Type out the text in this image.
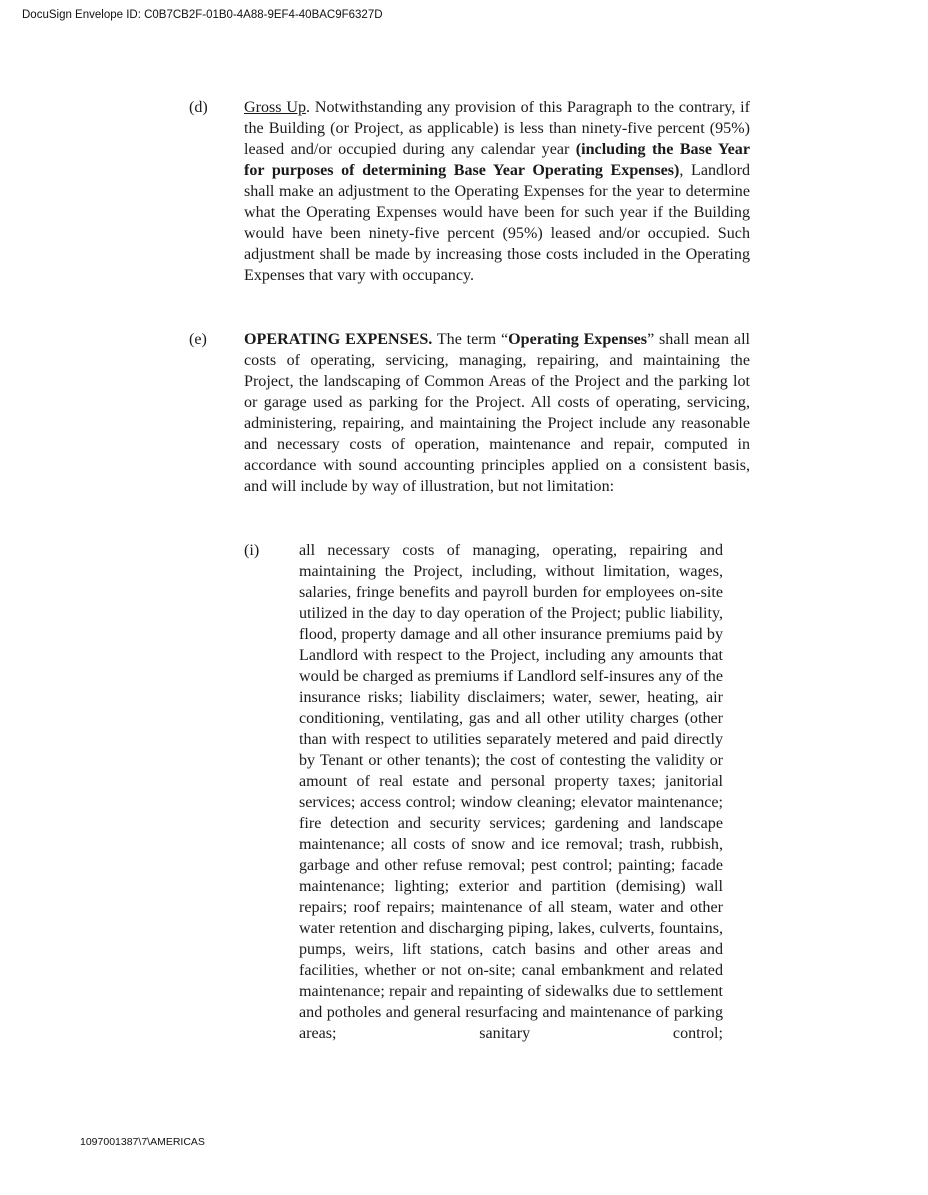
DocuSign Envelope ID: C0B7CB2F-01B0-4A88-9EF4-40BAC9F6327D
(d) Gross Up. Notwithstanding any provision of this Paragraph to the contrary, if the Building (or Project, as applicable) is less than ninety-five percent (95%) leased and/or occupied during any calendar year (including the Base Year for purposes of determining Base Year Operating Expenses), Landlord shall make an adjustment to the Operating Expenses for the year to determine what the Operating Expenses would have been for such year if the Building would have been ninety-five percent (95%) leased and/or occupied. Such adjustment shall be made by increasing those costs included in the Operating Expenses that vary with occupancy.
(e) OPERATING EXPENSES. The term “Operating Expenses” shall mean all costs of operating, servicing, managing, repairing, and maintaining the Project, the landscaping of Common Areas of the Project and the parking lot or garage used as parking for the Project. All costs of operating, servicing, administering, repairing, and maintaining the Project include any reasonable and necessary costs of operation, maintenance and repair, computed in accordance with sound accounting principles applied on a consistent basis, and will include by way of illustration, but not limitation:
(i) all necessary costs of managing, operating, repairing and maintaining the Project, including, without limitation, wages, salaries, fringe benefits and payroll burden for employees on-site utilized in the day to day operation of the Project; public liability, flood, property damage and all other insurance premiums paid by Landlord with respect to the Project, including any amounts that would be charged as premiums if Landlord self-insures any of the insurance risks; liability disclaimers; water, sewer, heating, air conditioning, ventilating, gas and all other utility charges (other than with respect to utilities separately metered and paid directly by Tenant or other tenants); the cost of contesting the validity or amount of real estate and personal property taxes; janitorial services; access control; window cleaning; elevator maintenance; fire detection and security services; gardening and landscape maintenance; all costs of snow and ice removal; trash, rubbish, garbage and other refuse removal; pest control; painting; facade maintenance; lighting; exterior and partition (demising) wall repairs; roof repairs; maintenance of all steam, water and other water retention and discharging piping, lakes, culverts, fountains, pumps, weirs, lift stations, catch basins and other areas and facilities, whether or not on-site; canal embankment and related maintenance; repair and repainting of sidewalks due to settlement and potholes and general resurfacing and maintenance of parking areas; sanitary control;
1097001387\7\AMERICAS
